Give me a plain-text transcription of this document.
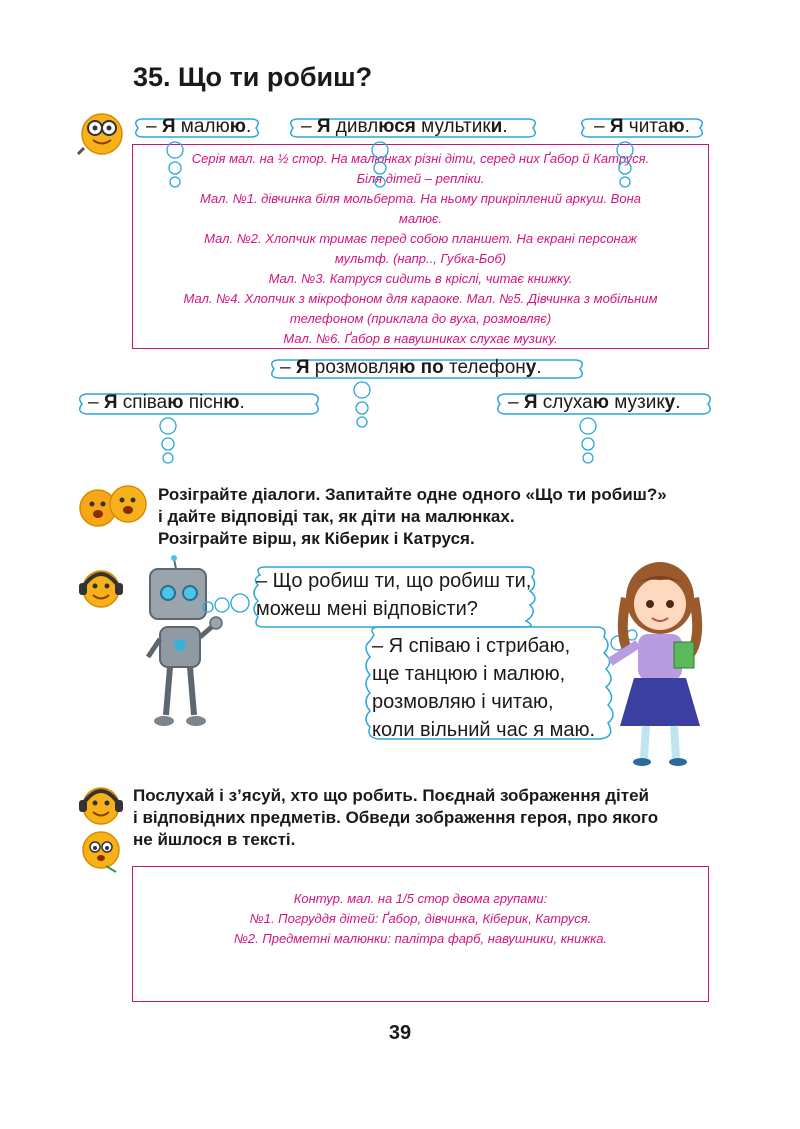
35. Що ти робиш?
– Я малюю.	– Я дивлюся мультики.	– Я читаю.
Серія мал. на ½ стор. На малюнках різні діти, серед них Ґабор й Катруся.
Біля дітей – репліки.
Мал. №1. дівчинка біля мольберта. На ньому прикріплений аркуш. Вона
малює.
Мал. №2. Хлопчик тримає перед собою планшет. На екрані персонаж
мультф. (напр.., Губка-Боб)
Мал. №3. Катруся сидить в кріслі, читає книжку.
Мал. №4. Хлопчик з мікрофоном для караоке. Мал. №5. Дівчинка з мобільним
телефоном (приклала до вуха, розмовляє)
Мал. №6. Ґабор в навушниках слухає музику.
– Я розмовляю по телефону.
– Я співаю пісню.	– Я слухаю музику.
Розіграйте діалоги. Запитайте одне одного «Що ти робиш?»
і дайте відповіді так, як діти на малюнках.
Розіграйте вірш, як Кіберик і Катруся.
– Що робиш ти, що робиш ти,
можеш мені відповісти?
– Я співаю і стрибаю,
ще танцюю і малюю,
розмовляю і читаю,
коли вільний час я маю.
Послухай і з’ясуй, хто що робить. Поєднай зображення дітей
і відповідних предметів. Обведи зображення героя, про якого
не йшлося в тексті.
Контур. мал. на 1/5 стор двома групами:
№1. Погруддя дітей: Ґабор, дівчинка, Кіберик, Катруся.
№2. Предметні малюнки: палітра фарб, навушники, книжка.
39
